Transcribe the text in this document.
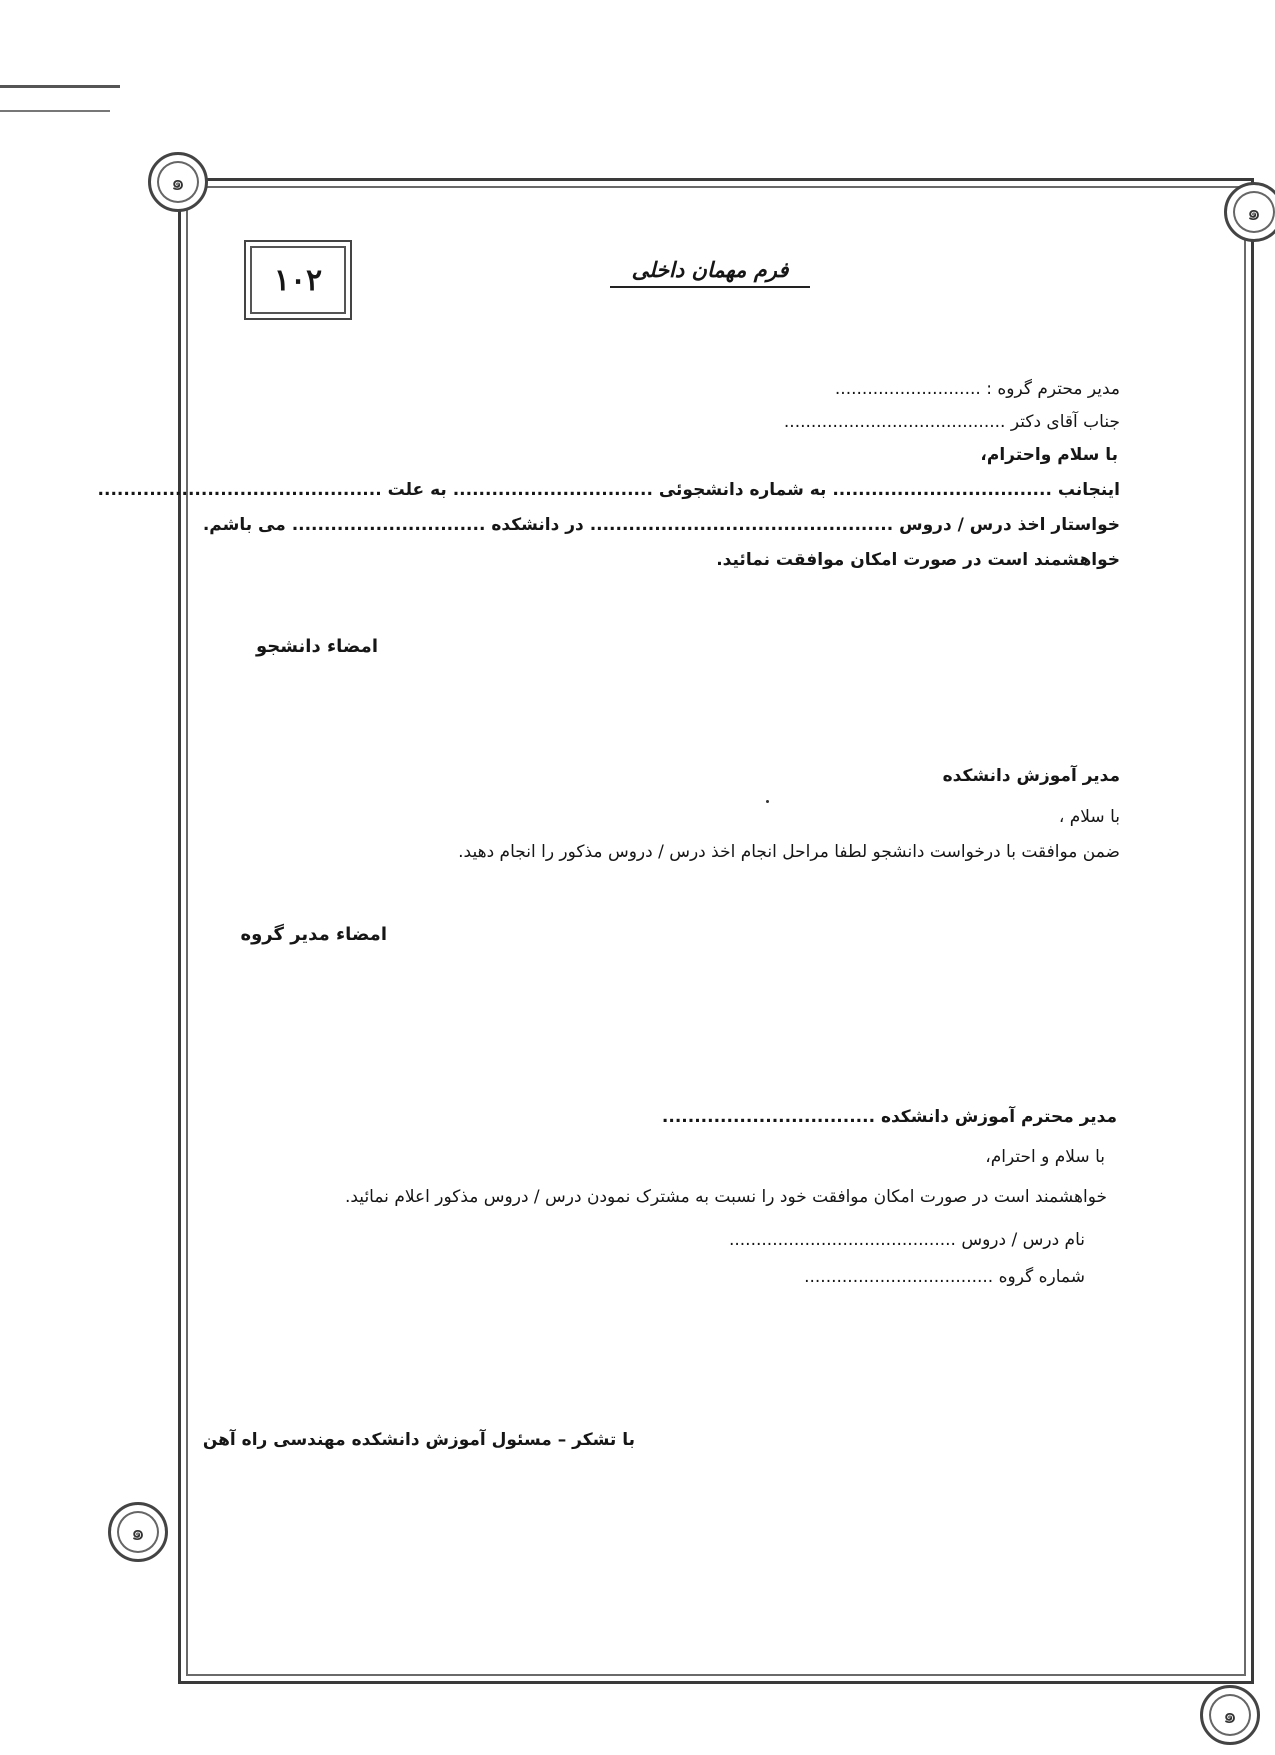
๑
๑
๑
๑
۱۰۲	فرم مهمان داخلی
مدیر محترم گروه : ...........................
جناب آقای دکتر .........................................
با سلام واحترام،
اینجانب .................................. به شماره دانشجوئی ............................... به علت ............................................
خواستار اخذ درس / دروس ............................................... در دانشکده .............................. می باشم.
خواهشمند است در صورت امکان موافقت نمائید.
امضاء دانشجو
مدیر آموزش دانشکده
با سلام ،
ضمن موافقت با درخواست دانشجو لطفا مراحل انجام اخذ درس / دروس مذکور را انجام دهید.
امضاء مدیر گروه
مدیر محترم آموزش دانشکده .................................
با سلام و احترام،
خواهشمند است در صورت امکان موافقت خود را نسبت به مشترک نمودن درس / دروس مذکور اعلام نمائید.
نام درس / دروس ..........................................
شماره گروه ...................................
با تشکر – مسئول آموزش دانشکده مهندسی راه آهن
